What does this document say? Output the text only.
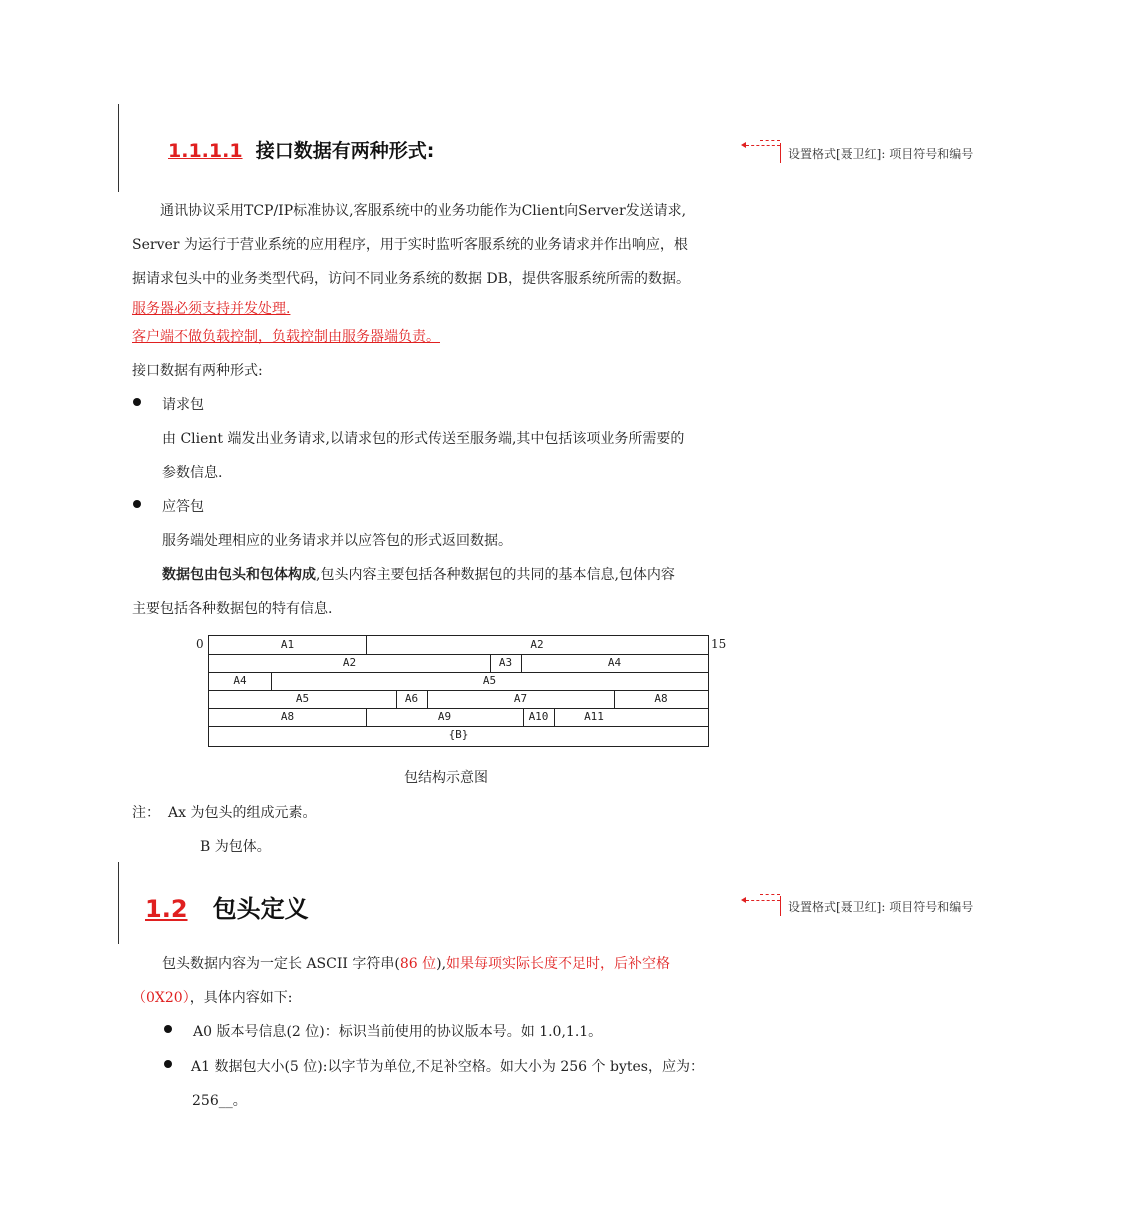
1.1.1.1 接口数据有两种形式:	设置格式[聂卫红]: 项目符号和编号
通讯协议采用TCP/IP标准协议,客服系统中的业务功能作为Client向Server发送请求,
Server 为运行于营业系统的应用程序，用于实时监听客服系统的业务请求并作出响应，根
据请求包头中的业务类型代码，访问不同业务系统的数据 DB，提供客服系统所需的数据。
服务器必须支持并发处理.
客户端不做负载控制，负载控制由服务器端负责。
接口数据有两种形式:
请求包
由 Client 端发出业务请求,以请求包的形式传送至服务端,其中包括该项业务所需要的
参数信息.
应答包
服务端处理相应的业务请求并以应答包的形式返回数据。
数据包由包头和包体构成,包头内容主要包括各种数据包的共同的基本信息,包体内容
主要包括各种数据包的特有信息.
0	15
A1	A2
A2	A3	A4
A4	A5
A5	A6	A7	A8
A8	A9	A10	A11
{B}
包结构示意图
注： Ax 为包头的组成元素。
B 为包体。
1.2 包头定义	设置格式[聂卫红]: 项目符号和编号
包头数据内容为一定长 ASCII 字符串(86 位),如果每项实际长度不足时，后补空格
（0X20），具体内容如下:
A0 版本号信息(2 位)：标识当前使用的协议版本号。如 1.0,1.1。
A1 数据包大小(5 位):以字节为单位,不足补空格。如大小为 256 个 bytes，应为：
256__。
